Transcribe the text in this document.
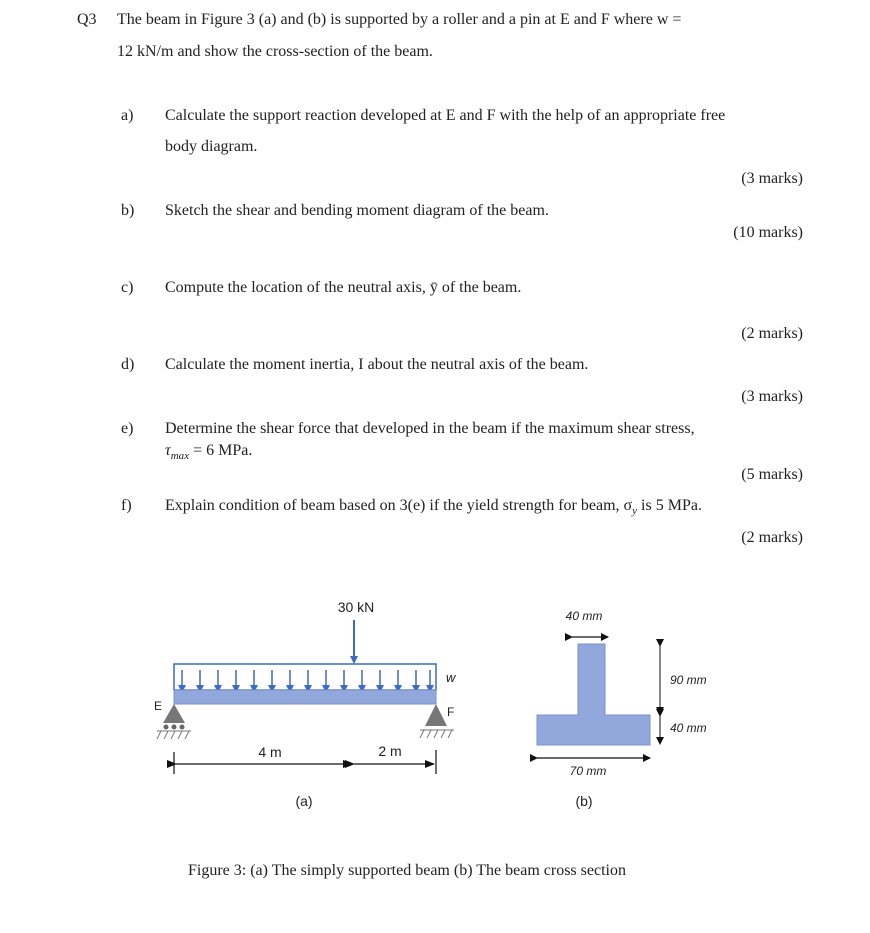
Q3 The beam in Figure 3 (a) and (b) is supported by a roller and a pin at E and F where w =
12 kN/m and show the cross-section of the beam.
a) Calculate the support reaction developed at E and F with the help of an appropriate free
body diagram.
(3 marks)
b) Sketch the shear and bending moment diagram of the beam.
(10 marks)
c) Compute the location of the neutral axis, ȳ of the beam.
(2 marks)
d) Calculate the moment inertia, I about the neutral axis of the beam.
(3 marks)
e) Determine the shear force that developed in the beam if the maximum shear stress,
$\tau_{max} = 6$ MPa.
(5 marks)
f) Explain condition of beam based on 3(e) if the yield strength for beam, $\sigma_y$ is 5 MPa.
(2 marks)
30 kN
w
E	F
4 m	2 m
(a)
40 mm
90 mm
40 mm
70 mm
(b)
Figure 3: (a) The simply supported beam (b) The beam cross section
